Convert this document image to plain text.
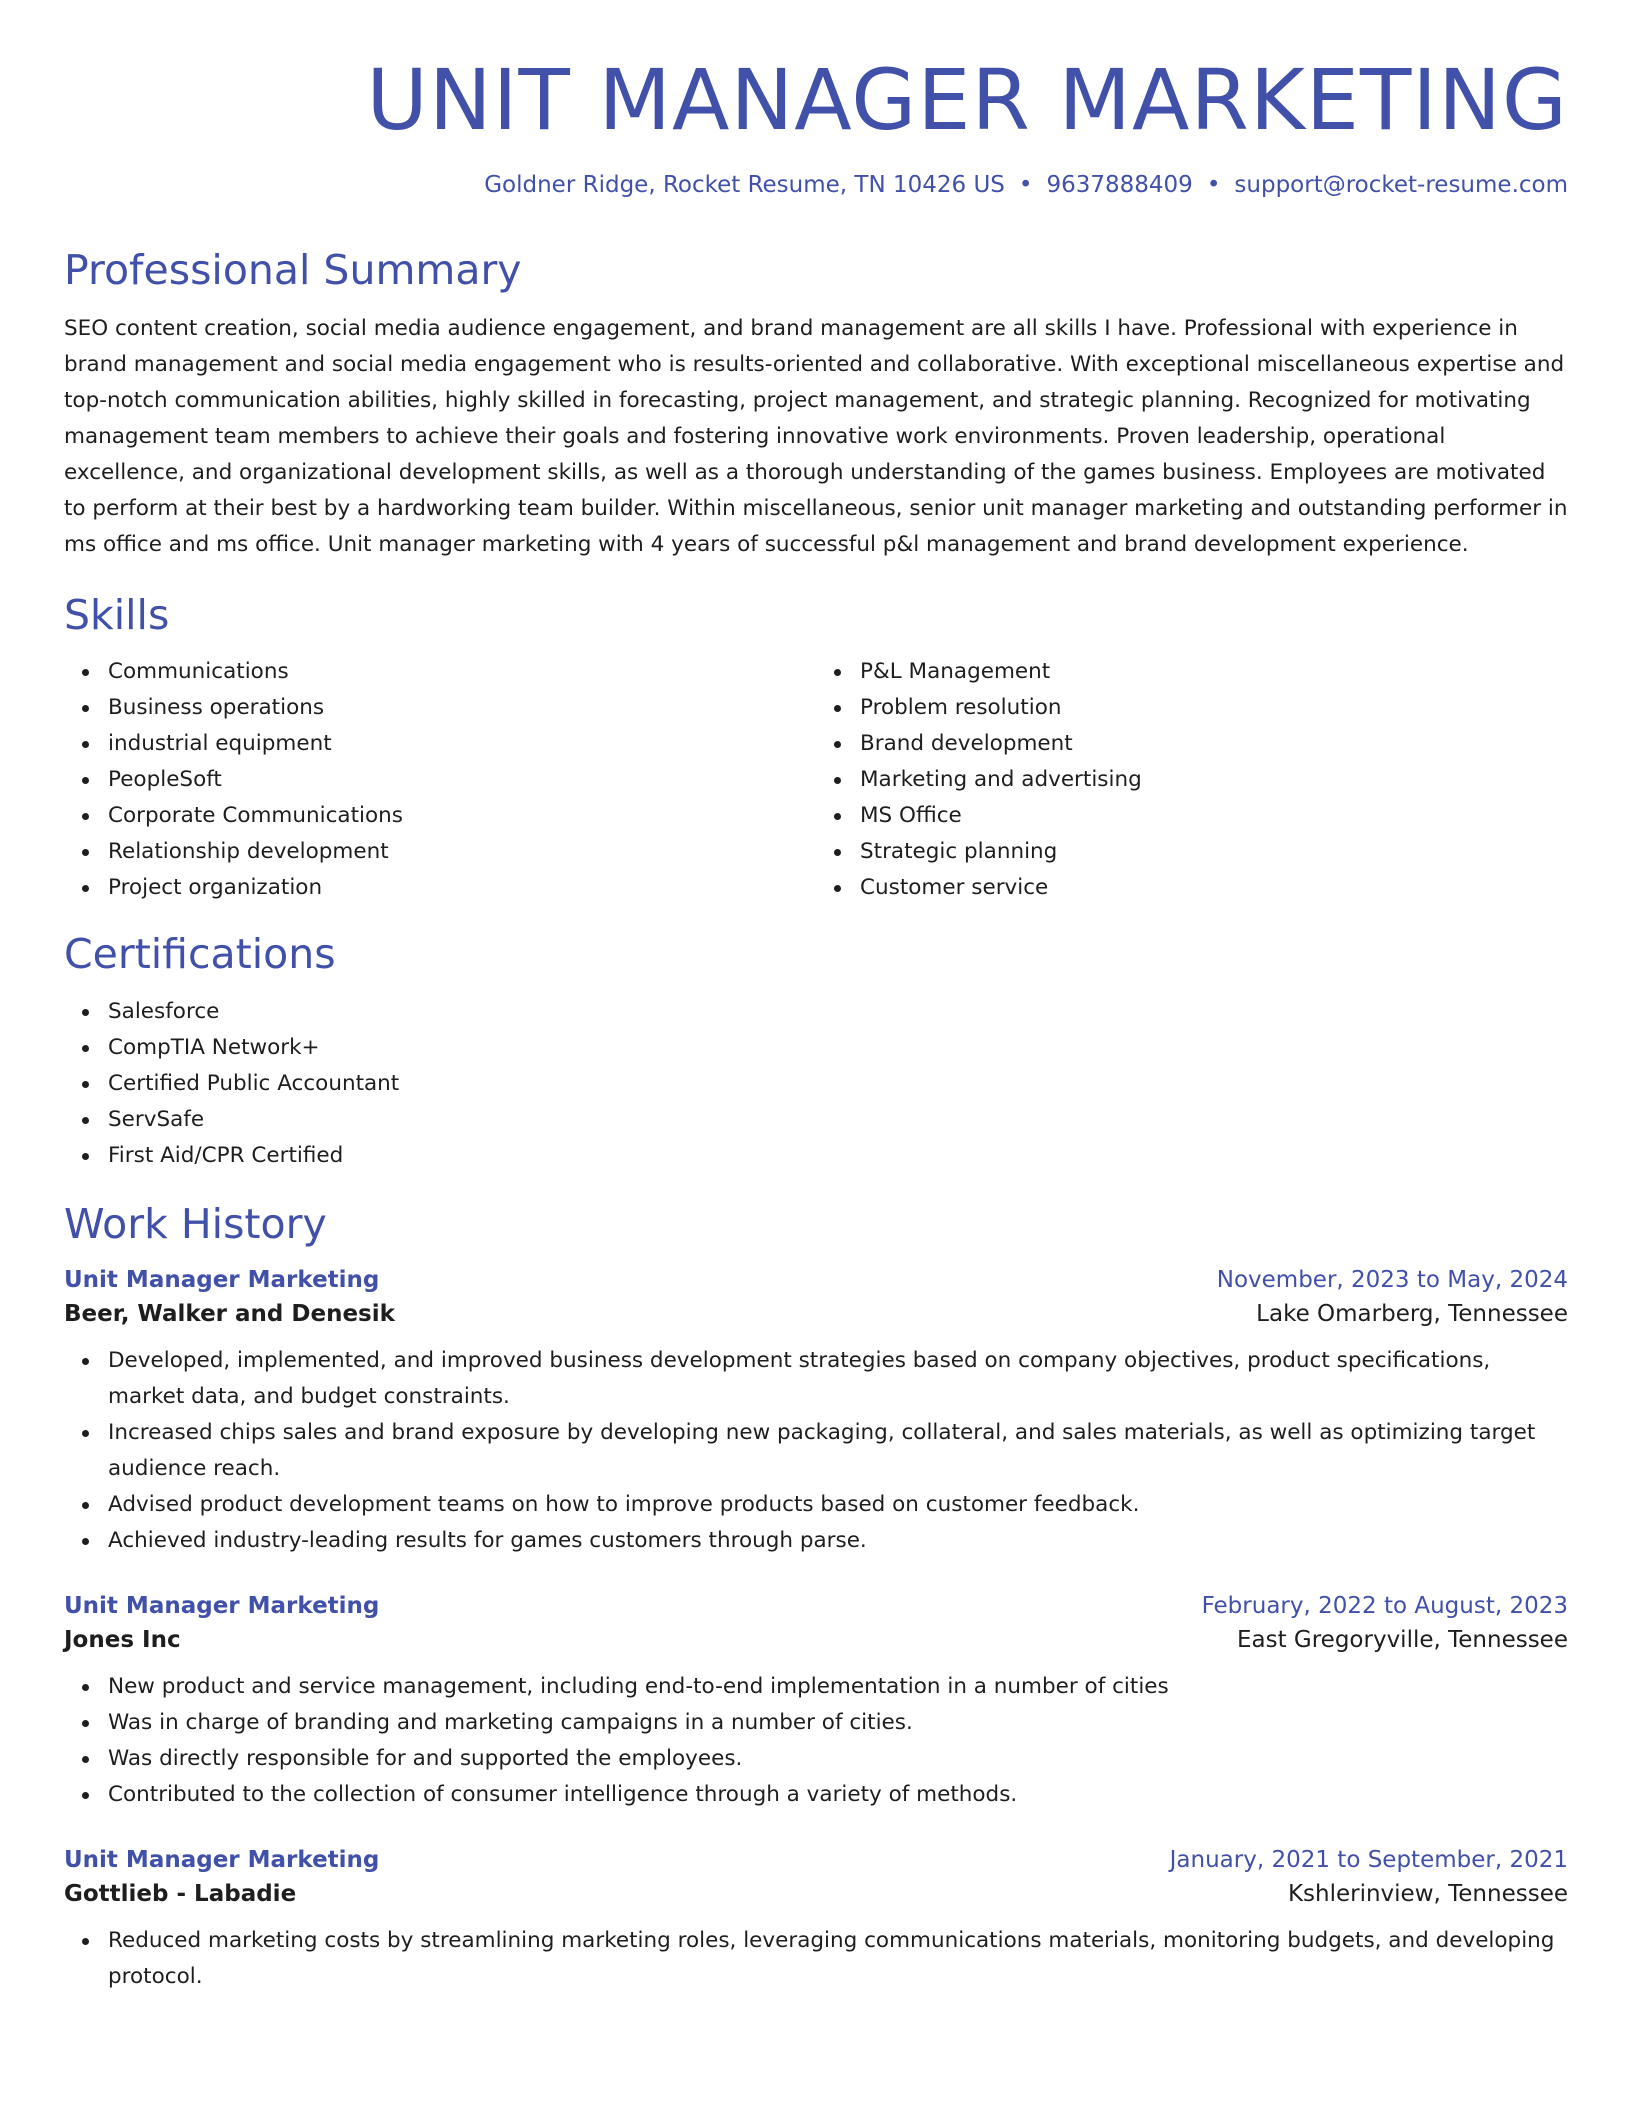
UNIT MANAGER MARKETING
Goldner Ridge, Rocket Resume, TN 10426 US • 9637888409 • support@rocket-resume.com
Professional Summary
SEO content creation, social media audience engagement, and brand management are all skills I have. Professional with experience in brand management and social media engagement who is results-oriented and collaborative. With exceptional miscellaneous expertise and top-notch communication abilities, highly skilled in forecasting, project management, and strategic planning. Recognized for motivating management team members to achieve their goals and fostering innovative work environments. Proven leadership, operational excellence, and organizational development skills, as well as a thorough understanding of the games business. Employees are motivated to perform at their best by a hardworking team builder. Within miscellaneous, senior unit manager marketing and outstanding performer in ms office and ms office. Unit manager marketing with 4 years of successful p&l management and brand development experience.
Skills
Communications
Business operations
industrial equipment
PeopleSoft
Corporate Communications
Relationship development
Project organization
P&L Management
Problem resolution
Brand development
Marketing and advertising
MS Office
Strategic planning
Customer service
Certifications
Salesforce
CompTIA Network+
Certified Public Accountant
ServSafe
First Aid/CPR Certified
Work History
Unit Manager Marketing	November, 2023 to May, 2024
Beer, Walker and Denesik	Lake Omarberg, Tennessee
Developed, implemented, and improved business development strategies based on company objectives, product specifications, market data, and budget constraints.
Increased chips sales and brand exposure by developing new packaging, collateral, and sales materials, as well as optimizing target audience reach.
Advised product development teams on how to improve products based on customer feedback.
Achieved industry-leading results for games customers through parse.
Unit Manager Marketing	February, 2022 to August, 2023
Jones Inc	East Gregoryville, Tennessee
New product and service management, including end-to-end implementation in a number of cities
Was in charge of branding and marketing campaigns in a number of cities.
Was directly responsible for and supported the employees.
Contributed to the collection of consumer intelligence through a variety of methods.
Unit Manager Marketing	January, 2021 to September, 2021
Gottlieb - Labadie	Kshlerinview, Tennessee
Reduced marketing costs by streamlining marketing roles, leveraging communications materials, monitoring budgets, and developing protocol.
